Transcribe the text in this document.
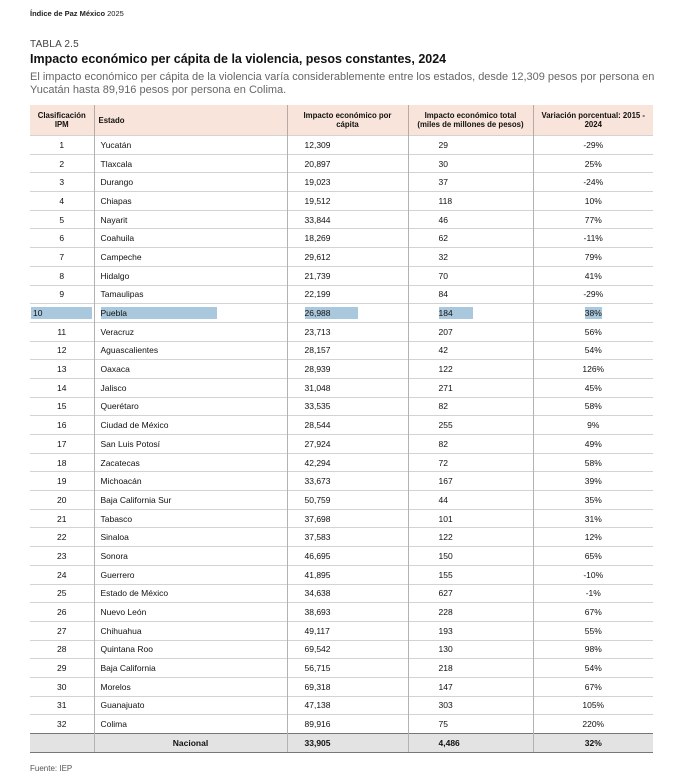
Índice de Paz México 2025
TABLA 2.5
Impacto económico per cápita de la violencia, pesos constantes, 2024
El impacto económico per cápita de la violencia varía considerablemente entre los estados, desde 12,309 pesos por persona en Yucatán hasta 89,916 pesos por persona en Colima.
Clasificación IPM	Estado	Impacto económico por cápita	Impacto económico total (miles de millones de pesos)	Variación porcentual: 2015 - 2024
1	Yucatán	12,309	29	-29%
2	Tlaxcala	20,897	30	25%
3	Durango	19,023	37	-24%
4	Chiapas	19,512	118	10%
5	Nayarit	33,844	46	77%
6	Coahuila	18,269	62	-11%
7	Campeche	29,612	32	79%
8	Hidalgo	21,739	70	41%
9	Tamaulipas	22,199	84	-29%
10	Puebla	26,988	184	38%
11	Veracruz	23,713	207	56%
12	Aguascalientes	28,157	42	54%
13	Oaxaca	28,939	122	126%
14	Jalisco	31,048	271	45%
15	Querétaro	33,535	82	58%
16	Ciudad de México	28,544	255	9%
17	San Luis Potosí	27,924	82	49%
18	Zacatecas	42,294	72	58%
19	Michoacán	33,673	167	39%
20	Baja California Sur	50,759	44	35%
21	Tabasco	37,698	101	31%
22	Sinaloa	37,583	122	12%
23	Sonora	46,695	150	65%
24	Guerrero	41,895	155	-10%
25	Estado de México	34,638	627	-1%
26	Nuevo León	38,693	228	67%
27	Chihuahua	49,117	193	55%
28	Quintana Roo	69,542	130	98%
29	Baja California	56,715	218	54%
30	Morelos	69,318	147	67%
31	Guanajuato	47,138	303	105%
32	Colima	89,916	75	220%
	Nacional	33,905	4,486	32%
Fuente: IEP
